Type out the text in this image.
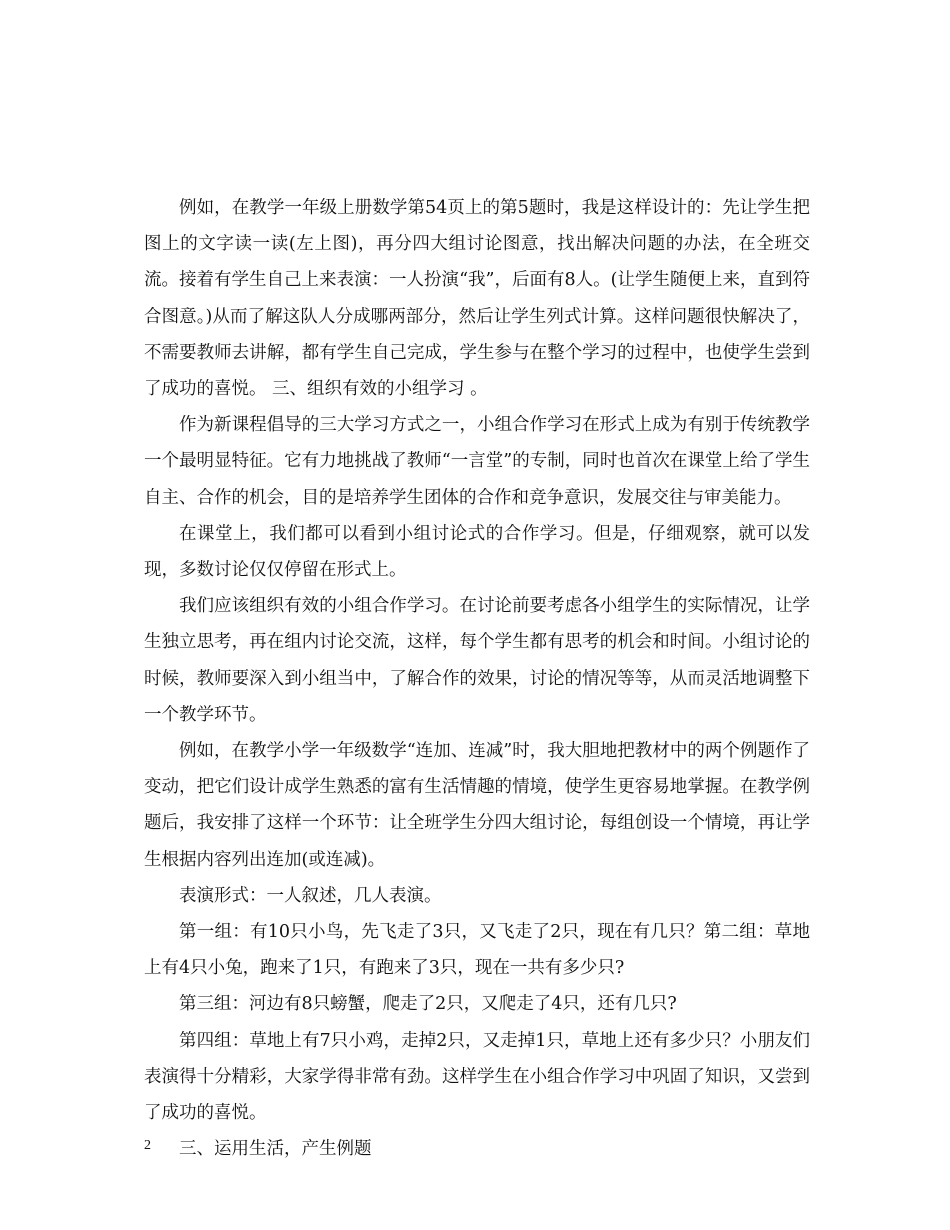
例如，在教学一年级上册数学第54页上的第5题时，我是这样设计的：先让学生把图上的文字读一读(左上图)，再分四大组讨论图意，找出解决问题的办法，在全班交流。接着有学生自己上来表演：一人扮演“我”，后面有8人。(让学生随便上来，直到符合图意。)从而了解这队人分成哪两部分，然后让学生列式计算。这样问题很快解决了，不需要教师去讲解，都有学生自己完成，学生参与在整个学习的过程中，也使学生尝到了成功的喜悦。 三、组织有效的小组学习 。

作为新课程倡导的三大学习方式之一，小组合作学习在形式上成为有别于传统教学一个最明显特征。它有力地挑战了教师“一言堂”的专制，同时也首次在课堂上给了学生自主、合作的机会，目的是培养学生团体的合作和竞争意识，发展交往与审美能力。

在课堂上，我们都可以看到小组讨论式的合作学习。但是，仔细观察，就可以发现，多数讨论仅仅停留在形式上。

我们应该组织有效的小组合作学习。在讨论前要考虑各小组学生的实际情况，让学生独立思考，再在组内讨论交流，这样，每个学生都有思考的机会和时间。小组讨论的时候，教师要深入到小组当中，了解合作的效果，讨论的情况等等，从而灵活地调整下一个教学环节。

例如，在教学小学一年级数学“连加、连减”时，我大胆地把教材中的两个例题作了变动，把它们设计成学生熟悉的富有生活情趣的情境，使学生更容易地掌握。在教学例题后，我安排了这样一个环节：让全班学生分四大组讨论，每组创设一个情境，再让学生根据内容列出连加(或连减)。

表演形式：一人叙述，几人表演。

第一组：有10只小鸟，先飞走了3只，又飞走了2只，现在有几只？第二组：草地上有4只小兔，跑来了1只，有跑来了3只，现在一共有多少只?

第三组：河边有8只螃蟹，爬走了2只，又爬走了4只，还有几只?

第四组：草地上有7只小鸡，走掉2只，又走掉1只，草地上还有多少只？小朋友们表演得十分精彩，大家学得非常有劲。这样学生在小组合作学习中巩固了知识，又尝到了成功的喜悦。

三、运用生活，产生例题

2
